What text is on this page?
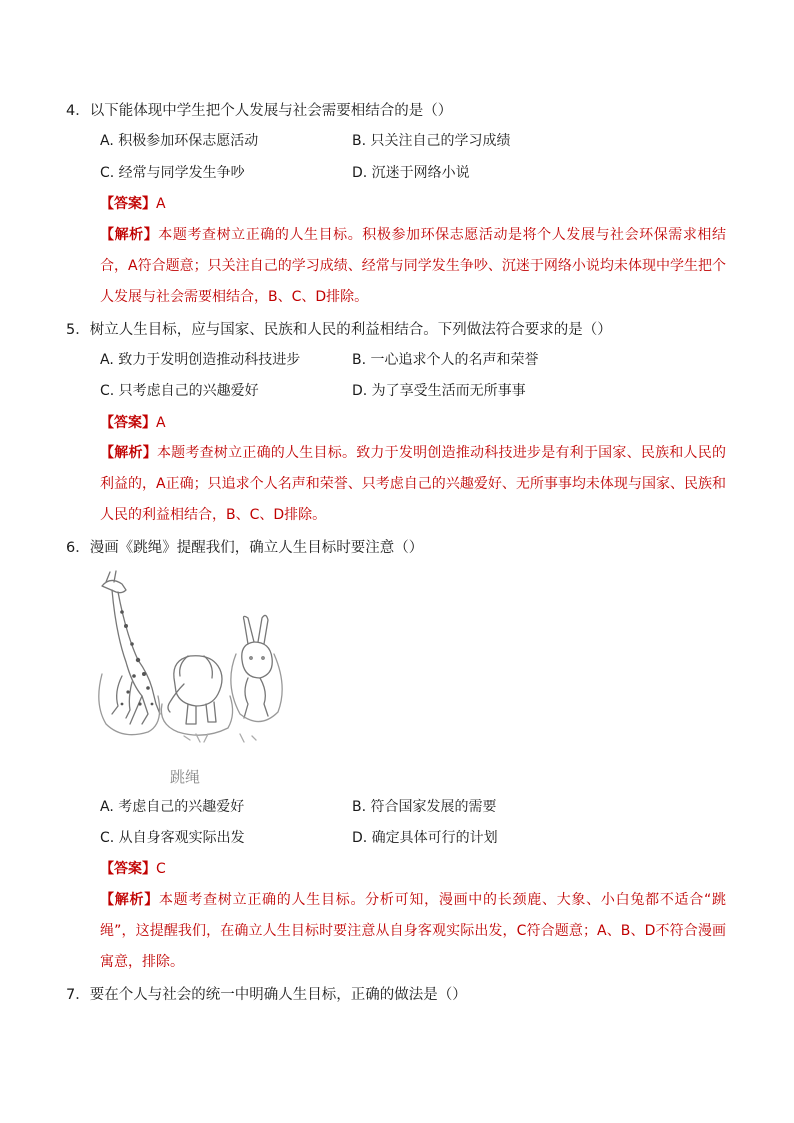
4．以下能体现中学生把个人发展与社会需要相结合的是（）
A. 积极参加环保志愿活动	B. 只关注自己的学习成绩
C. 经常与同学发生争吵	D. 沉迷于网络小说
【答案】A
【解析】本题考查树立正确的人生目标。积极参加环保志愿活动是将个人发展与社会环保需求相结合，A符合题意；只关注自己的学习成绩、经常与同学发生争吵、沉迷于网络小说均未体现中学生把个人发展与社会需要相结合，B、C、D排除。
5．树立人生目标，应与国家、民族和人民的利益相结合。下列做法符合要求的是（）
A. 致力于发明创造推动科技进步	B. 一心追求个人的名声和荣誉
C. 只考虑自己的兴趣爱好	D. 为了享受生活而无所事事
【答案】A
【解析】本题考查树立正确的人生目标。致力于发明创造推动科技进步是有利于国家、民族和人民的利益的，A正确；只追求个人名声和荣誉、只考虑自己的兴趣爱好、无所事事均未体现与国家、民族和人民的利益相结合，B、C、D排除。
6．漫画《跳绳》提醒我们，确立人生目标时要注意（）
跳绳
A. 考虑自己的兴趣爱好	B. 符合国家发展的需要
C. 从自身客观实际出发	D. 确定具体可行的计划
【答案】C
【解析】本题考查树立正确的人生目标。分析可知，漫画中的长颈鹿、大象、小白兔都不适合“跳绳”，这提醒我们，在确立人生目标时要注意从自身客观实际出发，C符合题意；A、B、D不符合漫画寓意，排除。
7．要在个人与社会的统一中明确人生目标，正确的做法是（）
